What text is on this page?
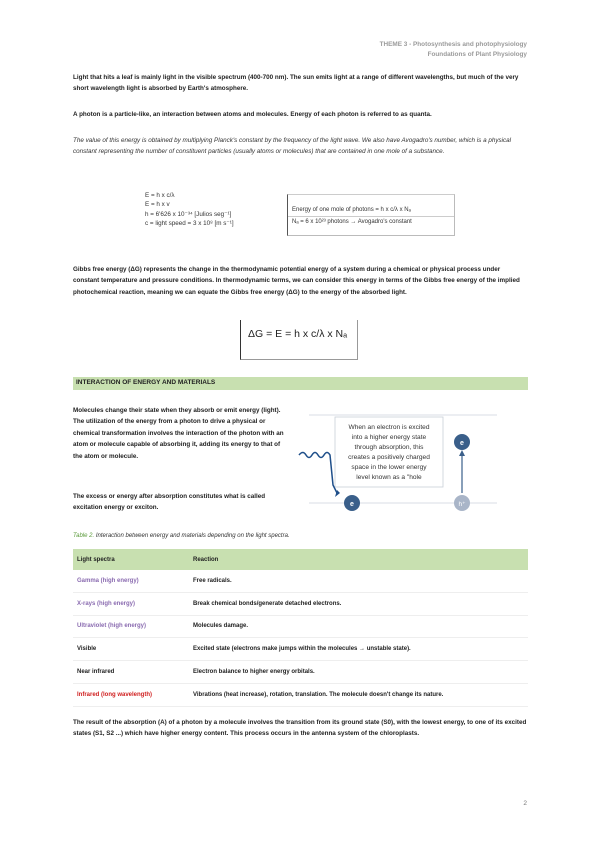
THEME 3 - Photosynthesis and photophysiology
Foundations of Plant Physiology

Light that hits a leaf is mainly light in the visible spectrum (400-700 nm). The sun emits light at a range of different wavelengths, but much of the very short wavelength light is absorbed by Earth's atmosphere.

A photon is a particle-like, an interaction between atoms and molecules. Energy of each photon is referred to as quanta.

The value of this energy is obtained by multiplying Planck's constant by the frequency of the light wave. We also have Avogadro's number, which is a physical constant representing the number of constituent particles (usually atoms or molecules) that are contained in one mole of a substance.

E = h x c/λ
E = h x v
h = 6'626 x 10⁻³⁴ [Julios seg⁻¹]
c = light speed = 3 x 10⁸ [m s⁻¹]
Energy of one mole of photons = h x c/λ x Nₐ
Nₐ = 6 x 10²³ photons → Avogadro's constant

Gibbs free energy (ΔG) represents the change in the thermodynamic potential energy of a system during a chemical or physical process under constant temperature and pressure conditions. In thermodynamic terms, we can consider this energy in terms of the Gibbs free energy of the implied photochemical reaction, meaning we can equate the Gibbs free energy (ΔG) to the energy of the absorbed light.

ΔG = E = h x c/λ x Nₐ
INTERACTION OF ENERGY AND MATERIALS

Molecules change their state when they absorb or emit energy (light). The utilization of the energy from a photon to drive a physical or chemical transformation involves the interaction of the photon with an atom or molecule capable of absorbing it, adding its energy to that of the atom or molecule.

The excess or energy after absorption constitutes what is called excitation energy or exciton.

When an electron is excited
into a higher energy state
through absorption, this
creates a positively charged
space in the lower energy
level known as a "hole
e
e
h⁺
Table 2. Interaction between energy and materials depending on the light spectra.
Light spectra	Reaction
Gamma (high energy)	Free radicals.
X-rays (high energy)	Break chemical bonds/generate detached electrons.
Ultraviolet (high energy)	Molecules damage.
Visible	Excited state (electrons make jumps within the molecules → unstable state).
Near infrared	Electron balance to higher energy orbitals.
Infrared (long wavelength)	Vibrations (heat increase), rotation, translation. The molecule doesn't change its nature.

The result of the absorption (A) of a photon by a molecule involves the transition from its ground state (S0), with the lowest energy, to one of its excited states (S1, S2 ...) which have higher energy content. This process occurs in the antenna system of the chloroplasts.

2
